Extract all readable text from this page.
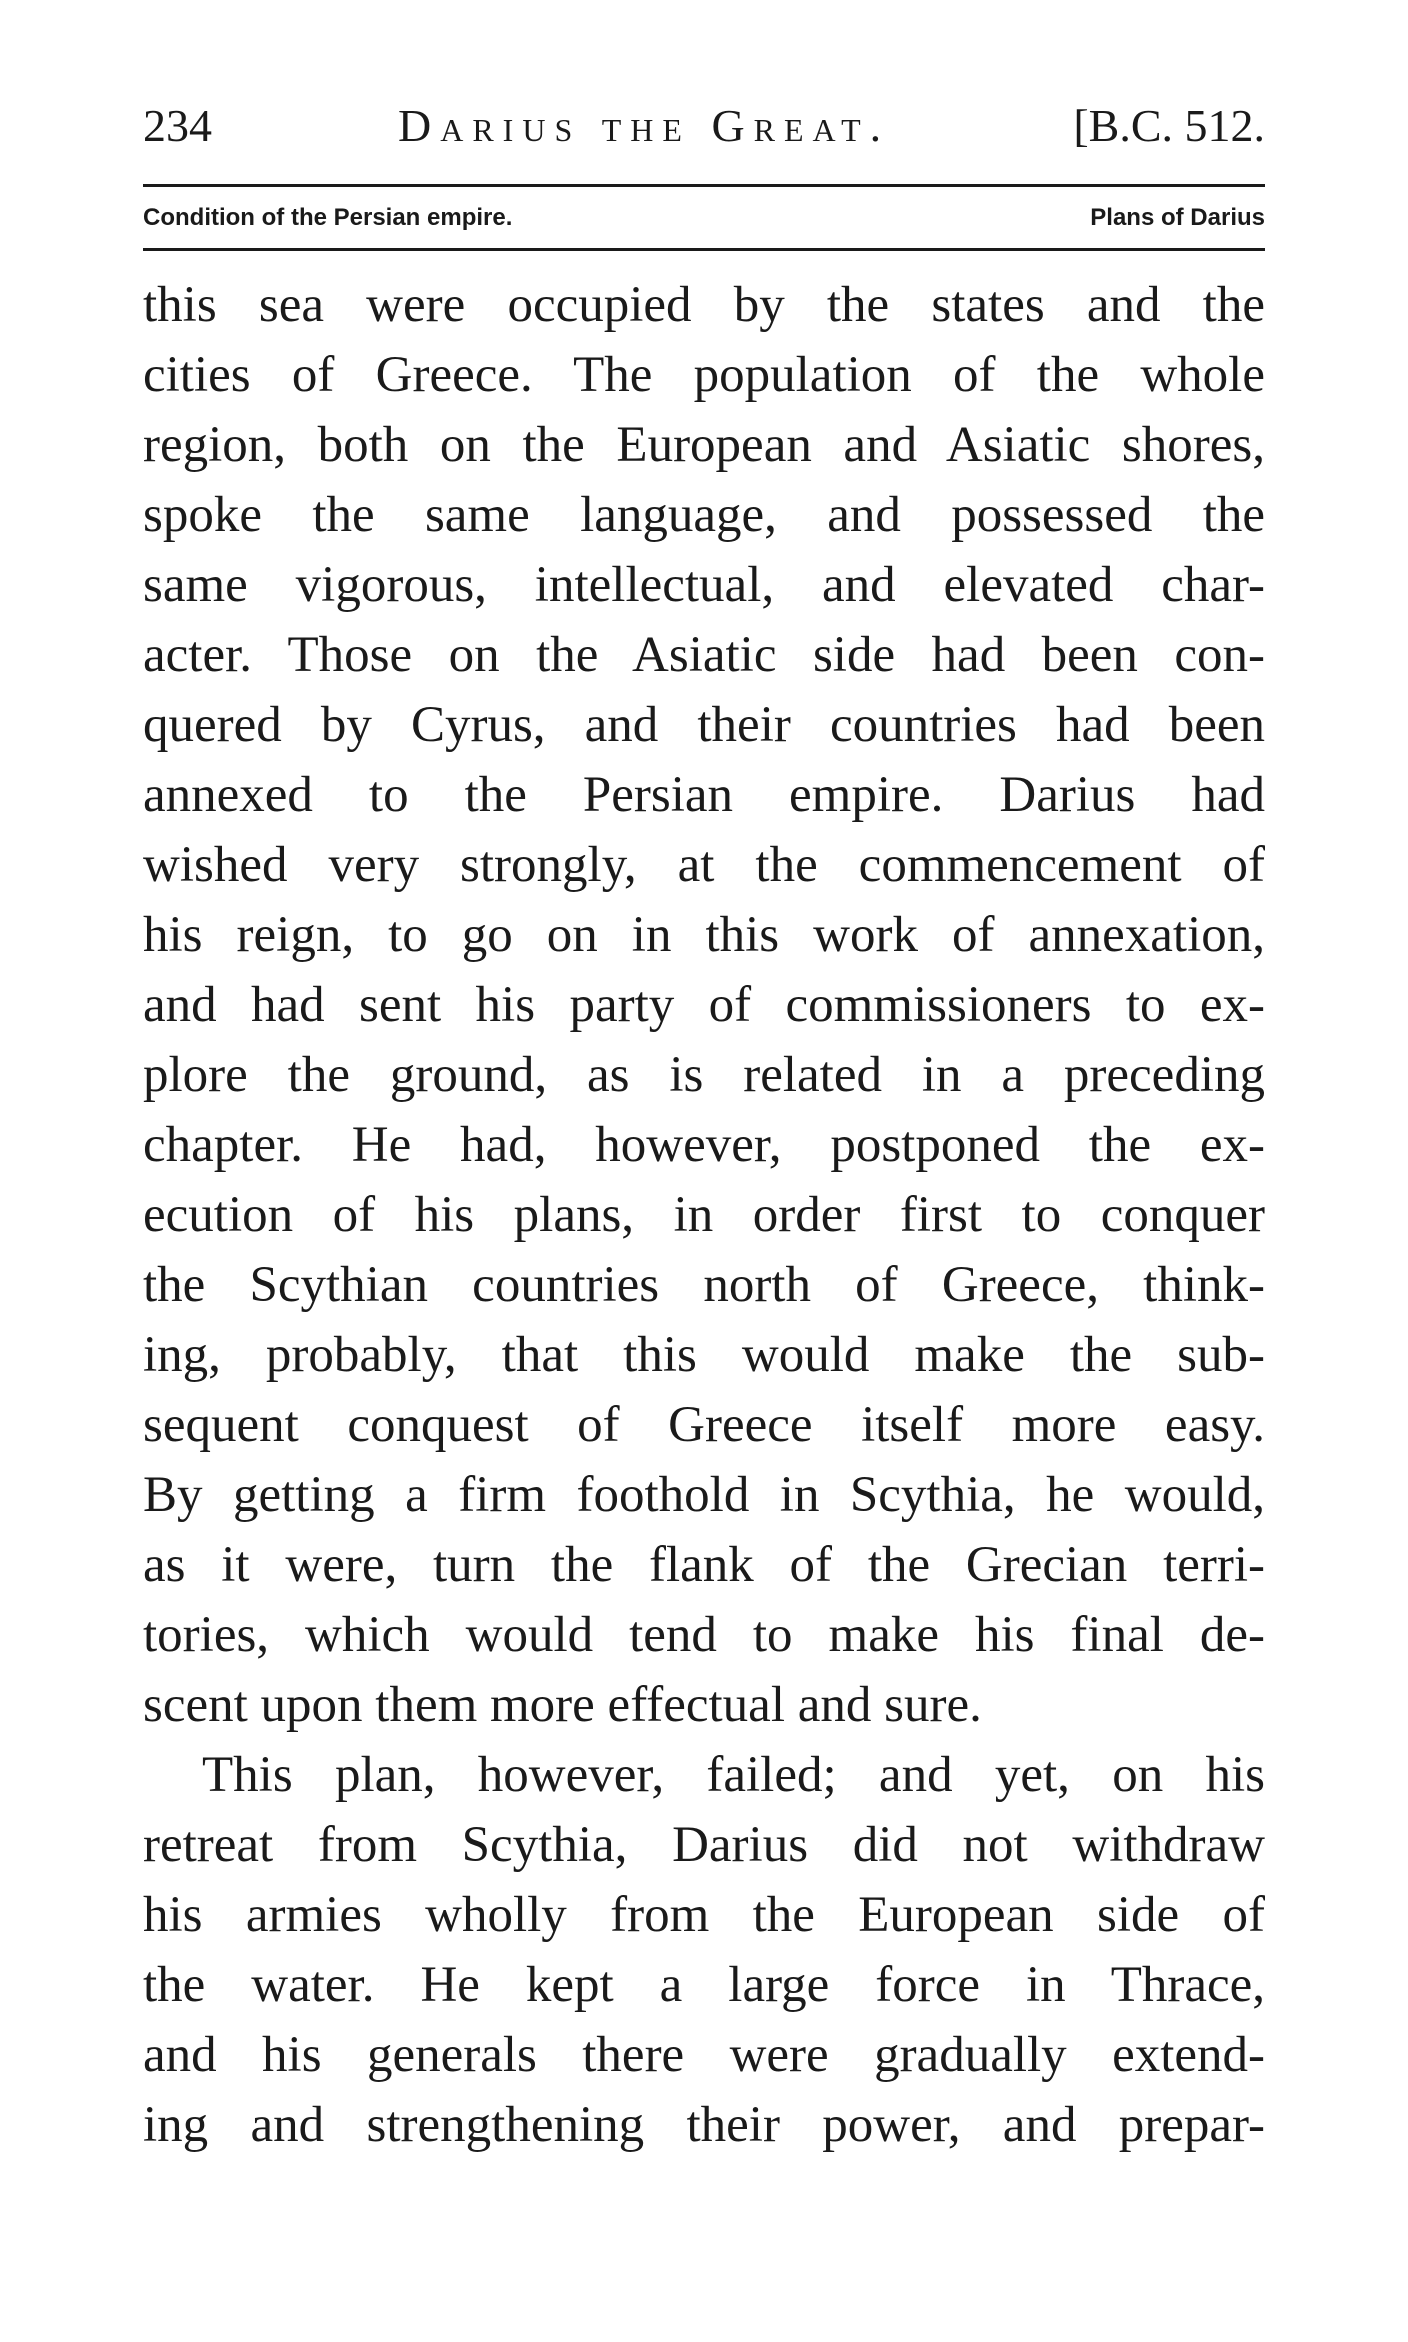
234	Darius the Great.	[B.C. 512.
Condition of the Persian empire.	Plans of Darius
this sea were occupied by the states and the
cities of Greece. The population of the whole
region, both on the European and Asiatic shores,
spoke the same language, and possessed the
same vigorous, intellectual, and elevated char-
acter. Those on the Asiatic side had been con-
quered by Cyrus, and their countries had been
annexed to the Persian empire. Darius had
wished very strongly, at the commencement of
his reign, to go on in this work of annexation,
and had sent his party of commissioners to ex-
plore the ground, as is related in a preceding
chapter. He had, however, postponed the ex-
ecution of his plans, in order first to conquer
the Scythian countries north of Greece, think-
ing, probably, that this would make the sub-
sequent conquest of Greece itself more easy.
By getting a firm foothold in Scythia, he would,
as it were, turn the flank of the Grecian terri-
tories, which would tend to make his final de-
scent upon them more effectual and sure.
This plan, however, failed; and yet, on his
retreat from Scythia, Darius did not withdraw
his armies wholly from the European side of
the water. He kept a large force in Thrace,
and his generals there were gradually extend-
ing and strengthening their power, and prepar-
